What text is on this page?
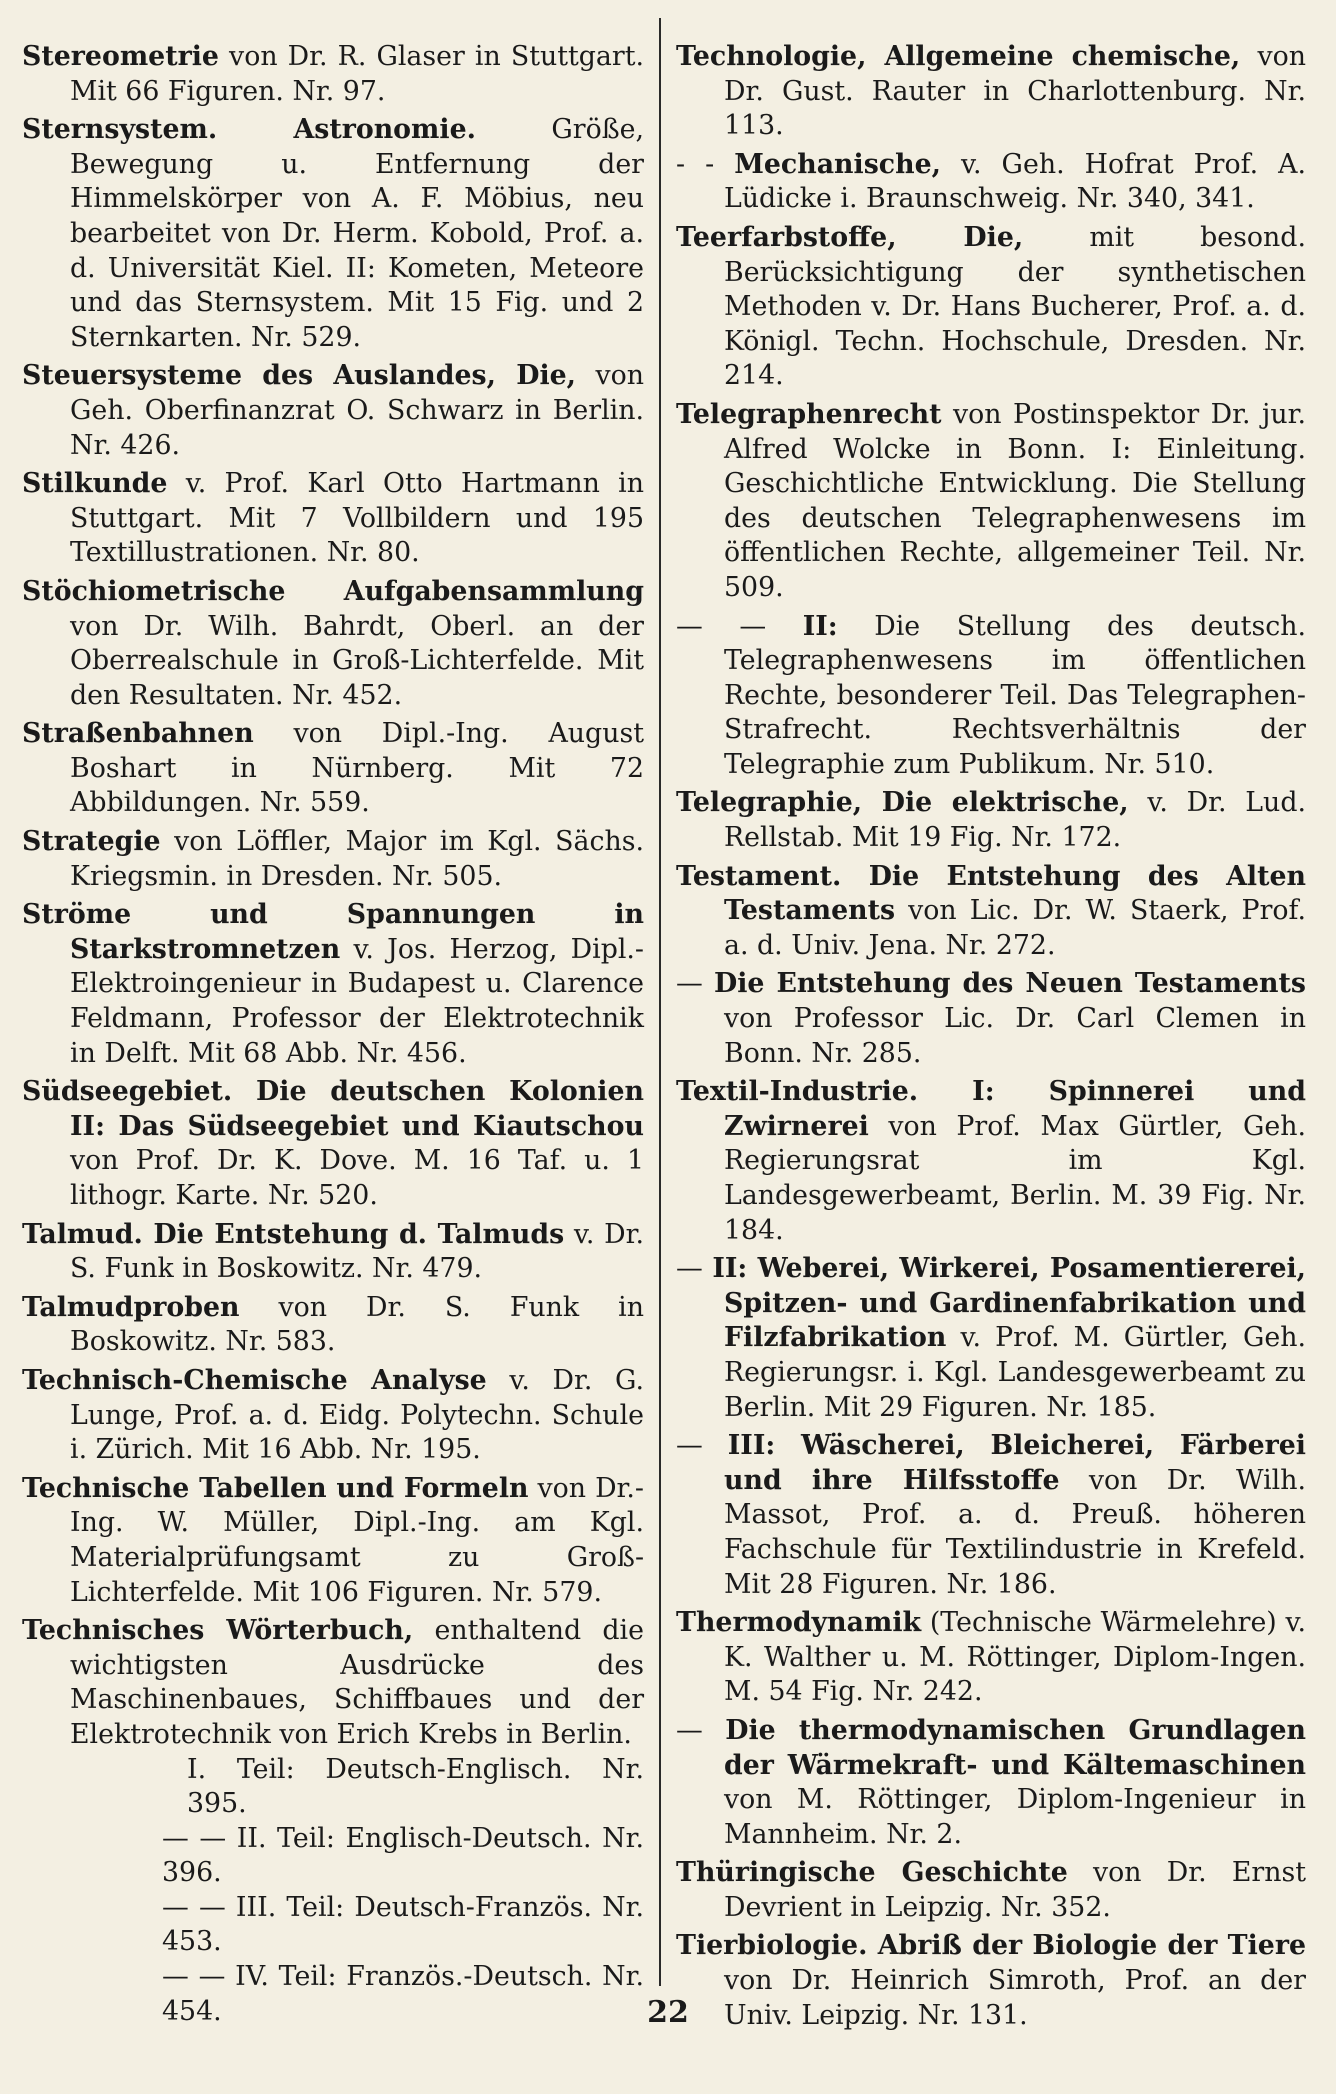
Stereometrie von Dr. R. Glaser in Stuttgart. Mit 66 Figuren. Nr. 97.

Sternsystem. Astronomie. Größe, Bewegung u. Entfernung der Himmelskörper von A. F. Möbius, neu bearbeitet von Dr. Herm. Kobold, Prof. a. d. Universität Kiel. II: Kometen, Meteore und das Sternsystem. Mit 15 Fig. und 2 Sternkarten. Nr. 529.

Steuersysteme des Auslandes, Die, von Geh. Oberfinanzrat O. Schwarz in Berlin. Nr. 426.

Stilkunde v. Prof. Karl Otto Hartmann in Stuttgart. Mit 7 Vollbildern und 195 Textillustrationen. Nr. 80.

Stöchiometrische Aufgabensammlung von Dr. Wilh. Bahrdt, Oberl. an der Oberrealschule in Groß-Lichterfelde. Mit den Resultaten. Nr. 452.

Straßenbahnen von Dipl.-Ing. August Boshart in Nürnberg. Mit 72 Abbildungen. Nr. 559.

Strategie von Löffler, Major im Kgl. Sächs. Kriegsmin. in Dresden. Nr. 505.

Ströme und Spannungen in Starkstromnetzen v. Jos. Herzog, Dipl.-Elektroingenieur in Budapest u. Clarence Feldmann, Professor der Elektrotechnik in Delft. Mit 68 Abb. Nr. 456.

Südseegebiet. Die deutschen Kolonien II: Das Südseegebiet und Kiautschou von Prof. Dr. K. Dove. M. 16 Taf. u. 1 lithogr. Karte. Nr. 520.

Talmud. Die Entstehung d. Talmuds v. Dr. S. Funk in Boskowitz. Nr. 479.

Talmudproben von Dr. S. Funk in Boskowitz. Nr. 583.

Technisch-Chemische Analyse v. Dr. G. Lunge, Prof. a. d. Eidg. Polytechn. Schule i. Zürich. Mit 16 Abb. Nr. 195.

Technische Tabellen und Formeln von Dr.-Ing. W. Müller, Dipl.-Ing. am Kgl. Materialprüfungsamt zu Groß-Lichterfelde. Mit 106 Figuren. Nr. 579.

Technisches Wörterbuch, enthaltend die wichtigsten Ausdrücke des Maschinenbaues, Schiffbaues und der Elektrotechnik von Erich Krebs in Berlin.

I. Teil: Deutsch-Englisch. Nr. 395.

— — II. Teil: Englisch-Deutsch. Nr. 396.

— — III. Teil: Deutsch-Französ. Nr. 453.

— — IV. Teil: Französ.-Deutsch. Nr. 454.

Technologie, Allgemeine chemische, von Dr. Gust. Rauter in Charlottenburg. Nr. 113.

- - Mechanische, v. Geh. Hofrat Prof. A. Lüdicke i. Braunschweig. Nr. 340, 341.

Teerfarbstoffe, Die, mit besond. Berücksichtigung der synthetischen Methoden v. Dr. Hans Bucherer, Prof. a. d. Königl. Techn. Hochschule, Dresden. Nr. 214.

Telegraphenrecht von Postinspektor Dr. jur. Alfred Wolcke in Bonn. I: Einleitung. Geschichtliche Entwicklung. Die Stellung des deutschen Telegraphenwesens im öffentlichen Rechte, allgemeiner Teil. Nr. 509.

— — II: Die Stellung des deutsch. Telegraphenwesens im öffentlichen Rechte, besonderer Teil. Das Telegraphen-Strafrecht. Rechtsverhältnis der Telegraphie zum Publikum. Nr. 510.

Telegraphie, Die elektrische, v. Dr. Lud. Rellstab. Mit 19 Fig. Nr. 172.

Testament. Die Entstehung des Alten Testaments von Lic. Dr. W. Staerk, Prof. a. d. Univ. Jena. Nr. 272.

— Die Entstehung des Neuen Testaments von Professor Lic. Dr. Carl Clemen in Bonn. Nr. 285.

Textil-Industrie. I: Spinnerei und Zwirnerei von Prof. Max Gürtler, Geh. Regierungsrat im Kgl. Landesgewerbeamt, Berlin. M. 39 Fig. Nr. 184.

— II: Weberei, Wirkerei, Posamentiererei, Spitzen- und Gardinenfabrikation und Filzfabrikation v. Prof. M. Gürtler, Geh. Regierungsr. i. Kgl. Landesgewerbeamt zu Berlin. Mit 29 Figuren. Nr. 185.

— III: Wäscherei, Bleicherei, Färberei und ihre Hilfsstoffe von Dr. Wilh. Massot, Prof. a. d. Preuß. höheren Fachschule für Textilindustrie in Krefeld. Mit 28 Figuren. Nr. 186.

Thermodynamik (Technische Wärmelehre) v. K. Walther u. M. Röttinger, Diplom-Ingen. M. 54 Fig. Nr. 242.

— Die thermodynamischen Grundlagen der Wärmekraft- und Kältemaschinen von M. Röttinger, Diplom-Ingenieur in Mannheim. Nr. 2.

Thüringische Geschichte von Dr. Ernst Devrient in Leipzig. Nr. 352.

Tierbiologie. Abriß der Biologie der Tiere von Dr. Heinrich Simroth, Prof. an der Univ. Leipzig. Nr. 131.

22
